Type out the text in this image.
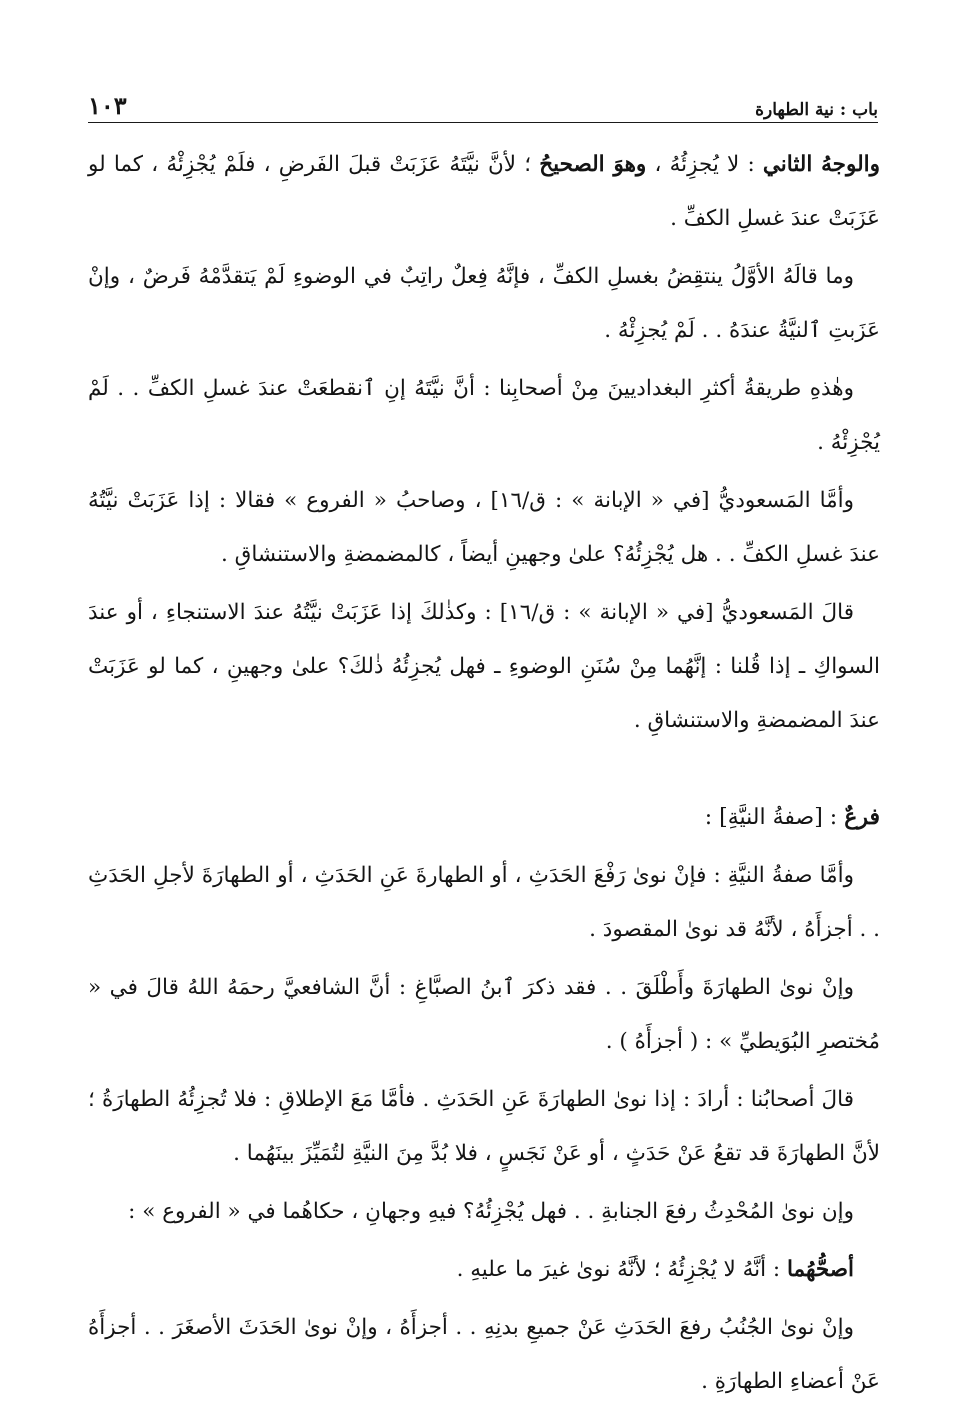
باب : نية الطهارة
١٠٣

والوجهُ الثاني : لا يُجزِئُهُ ، وهوَ الصحيحُ ؛ لأنَّ نيَّتَهُ عَزَبَتْ قبلَ الفَرضِ ، فلَمْ يُجْزِئْهُ ، كما لو عَزَبَتْ عندَ غسلِ الكفِّ .

وما قالَهُ الأوَّلُ ينتقِضُ بغسلِ الكفِّ ، فإنَّهُ فِعلٌ راتِبٌ في الوضوءِ لَمْ يَتقدَّمْهُ فَرضٌ ، وإنْ عَزَبتِ ٱلنيَّةُ عندَهُ . . لَمْ يُجزِئْهُ .

وهٰذهِ طريقةُ أكثرِ البغداديينَ مِنْ أصحابِنا : أنَّ نيَّتَهُ إنِ ٱنقطعَتْ عندَ غسلِ الكفِّ . . لَمْ يُجْزِئْهُ .

وأمَّا المَسعوديُّ [في « الإبانة » : ق/١٦] ، وصاحبُ « الفروع » فقالا : إذا عَزَبَتْ نيَّتُهُ عندَ غسلِ الكفِّ . . هل يُجْزِئُهُ؟ علىٰ وجهينِ أيضاً ، كالمضمضةِ والاستنشاقِ .

قالَ المَسعوديُّ [في « الإبانة » : ق/١٦] : وكذٰلكَ إذا عَزَبَتْ نيَّتُهُ عندَ الاستنجاءِ ، أو عندَ السواكِ ـ إذا قُلنا : إنَّهُما مِنْ سُنَنِ الوضوءِ ـ فهل يُجزِئُهُ ذٰلكَ؟ علىٰ وجهينِ ، كما لو عَزَبَتْ عندَ المضمضةِ والاستنشاقِ .

فرعٌ : [صفةُ النيَّةِ] :

وأمَّا صفةُ النيَّةِ : فإنْ نوىٰ رَفْعَ الحَدَثِ ، أو الطهارةَ عَنِ الحَدَثِ ، أو الطهارَةَ لأجلِ الحَدَثِ . . أجزأَهُ ، لأنَّهُ قد نوىٰ المقصودَ .

وإنْ نوىٰ الطهارَةَ وأَطْلَقَ . . فقد ذكرَ ٱبنُ الصبَّاغِ : أنَّ الشافعيَّ رحمَهُ اللهُ قالَ في « مُختصرِ البُوَيطيِّ » : ( أجزأَهُ ) .

قالَ أصحابُنا : أرادَ : إذا نوىٰ الطهارَةَ عَنِ الحَدَثِ . فأمَّا مَعَ الإطلاقِ : فلا تُجزِئُهُ الطهارَةُ ؛ لأنَّ الطهارَةَ قد تقعُ عَنْ حَدَثٍ ، أو عَنْ نَجَسٍ ، فلا بُدَّ مِنَ النيَّةِ لتُمَيِّزَ بينَهُما .

وإن نوىٰ المُحْدِثُ رفعَ الجنابةِ . . فهل يُجْزِئُهُ؟ فيهِ وجهانِ ، حكاهُما في « الفروع » :

أصحُّهُما : أنَّهُ لا يُجْزِئُهُ ؛ لأنَّهُ نوىٰ غيرَ ما عليهِ .

وإنْ نوىٰ الجُنُبُ رفعَ الحَدَثِ عَنْ جميعِ بدنِهِ . . أجزأَهُ ، وإنْ نوىٰ الحَدَثَ الأصغَرَ . . أجزأَهُ عَنْ أعضاءِ الطهارَةِ .
